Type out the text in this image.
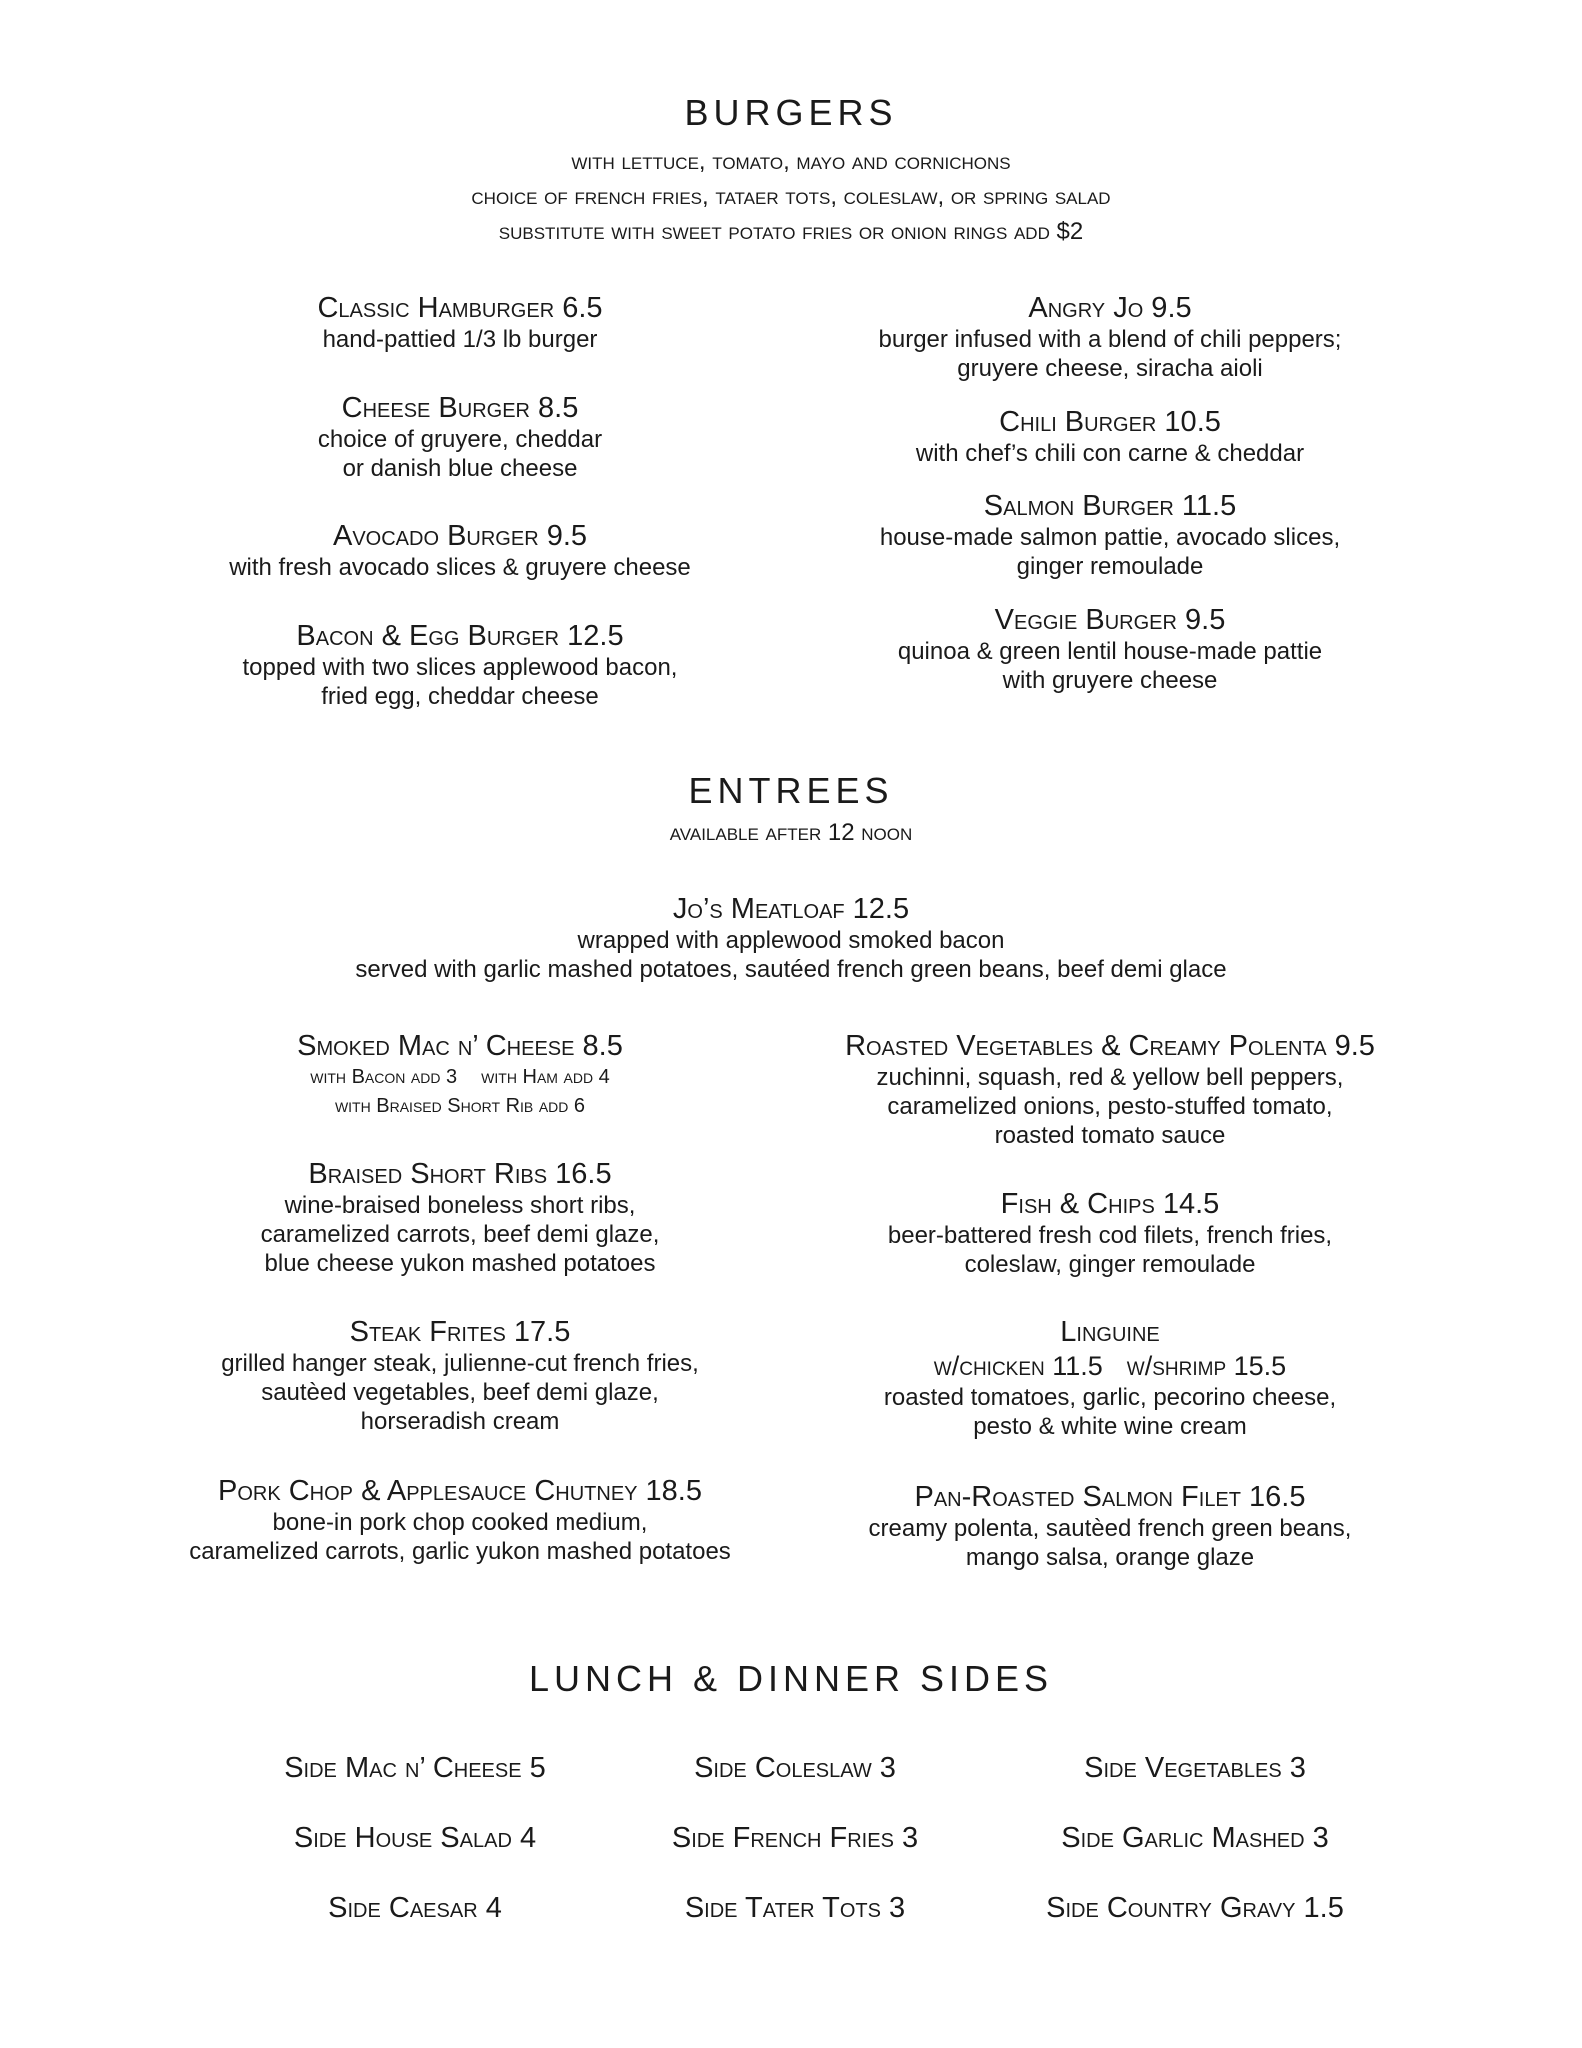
BURGERS
with lettuce, tomato, mayo and cornichons
choice of french fries, tataer tots, coleslaw, or spring salad
substitute with sweet potato fries or onion rings add $2
Classic Hamburger 6.5
hand-pattied 1/3 lb burger
Cheese Burger 8.5
choice of gruyere, cheddar
or danish blue cheese
Avocado Burger 9.5
with fresh avocado slices & gruyere cheese
Bacon & Egg Burger 12.5
topped with two slices applewood bacon,
fried egg, cheddar cheese
Angry Jo 9.5
burger infused with a blend of chili peppers;
gruyere cheese, siracha aioli
Chili Burger 10.5
with chef’s chili con carne & cheddar
Salmon Burger 11.5
house-made salmon pattie, avocado slices,
ginger remoulade
Veggie Burger 9.5
quinoa & green lentil house-made pattie
with gruyere cheese
ENTREES
available after 12 noon
Jo’s Meatloaf 12.5
wrapped with applewood smoked bacon
served with garlic mashed potatoes, sautéed french green beans, beef demi glace
Smoked Mac n’ Cheese 8.5
with Bacon add 3 with Ham add 4
with Braised Short Rib add 6
Braised Short Ribs 16.5
wine-braised boneless short ribs,
caramelized carrots, beef demi glaze,
blue cheese yukon mashed potatoes
Steak Frites 17.5
grilled hanger steak, julienne-cut french fries,
sautèed vegetables, beef demi glaze,
horseradish cream
Pork Chop & Applesauce Chutney 18.5
bone-in pork chop cooked medium,
caramelized carrots, garlic yukon mashed potatoes
Roasted Vegetables & Creamy Polenta 9.5
zuchinni, squash, red & yellow bell peppers,
caramelized onions, pesto-stuffed tomato,
roasted tomato sauce
Fish & Chips 14.5
beer-battered fresh cod filets, french fries,
coleslaw, ginger remoulade
Linguine
w/chicken 11.5 w/shrimp 15.5
roasted tomatoes, garlic, pecorino cheese,
pesto & white wine cream
Pan-Roasted Salmon Filet 16.5
creamy polenta, sautèed french green beans,
mango salsa, orange glaze
LUNCH & DINNER SIDES
Side Mac n’ Cheese 5	Side Coleslaw 3	Side Vegetables 3
Side House Salad 4	Side French Fries 3	Side Garlic Mashed 3
Side Caesar 4	Side Tater Tots 3	Side Country Gravy 1.5
